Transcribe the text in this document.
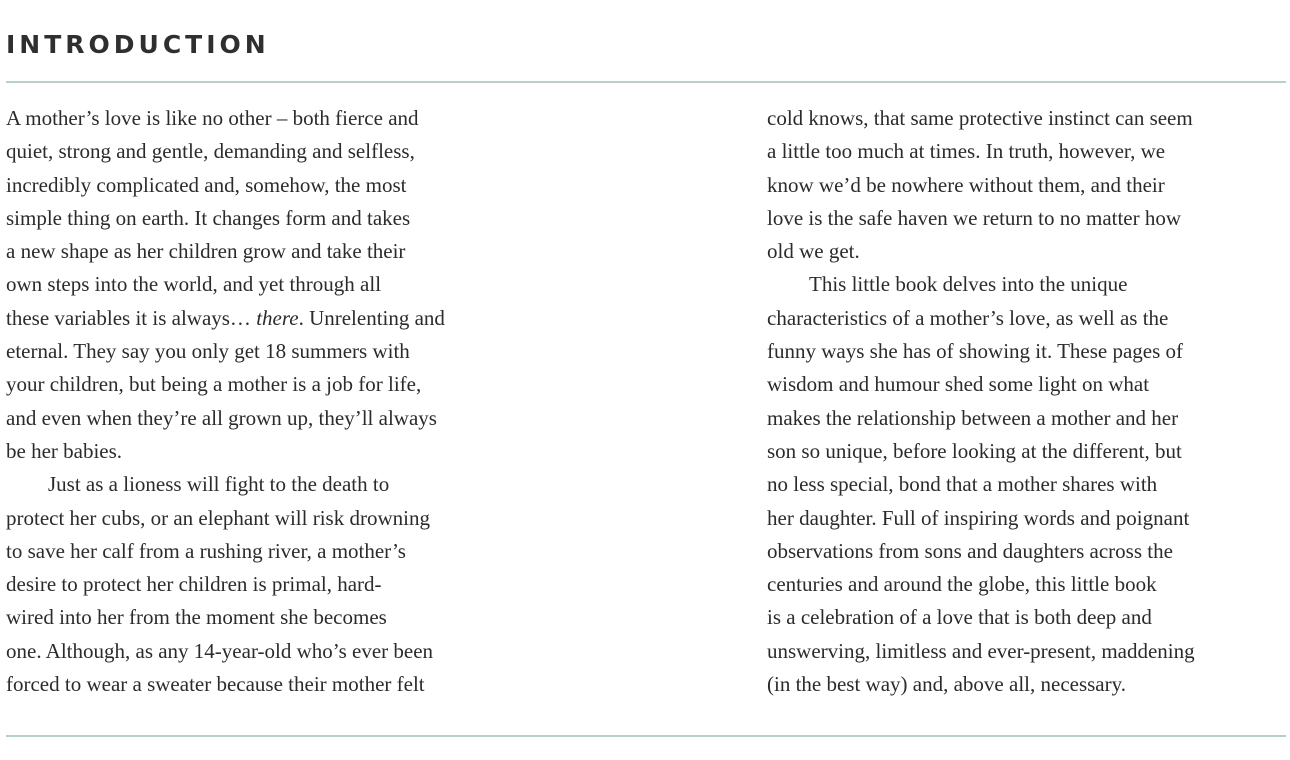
INTRODUCTION
A mother’s love is like no other – both fierce and
quiet, strong and gentle, demanding and selfless,
incredibly complicated and, somehow, the most
simple thing on earth. It changes form and takes
a new shape as her children grow and take their
own steps into the world, and yet through all
these variables it is always… there. Unrelenting and
eternal. They say you only get 18 summers with
your children, but being a mother is a job for life,
and even when they’re all grown up, they’ll always
be her babies.
Just as a lioness will fight to the death to
protect her cubs, or an elephant will risk drowning
to save her calf from a rushing river, a mother’s
desire to protect her children is primal, hard-
wired into her from the moment she becomes
one. Although, as any 14-year-old who’s ever been
forced to wear a sweater because their mother felt
cold knows, that same protective instinct can seem
a little too much at times. In truth, however, we
know we’d be nowhere without them, and their
love is the safe haven we return to no matter how
old we get.
This little book delves into the unique
characteristics of a mother’s love, as well as the
funny ways she has of showing it. These pages of
wisdom and humour shed some light on what
makes the relationship between a mother and her
son so unique, before looking at the different, but
no less special, bond that a mother shares with
her daughter. Full of inspiring words and poignant
observations from sons and daughters across the
centuries and around the globe, this little book
is a celebration of a love that is both deep and
unswerving, limitless and ever-present, maddening
(in the best way) and, above all, necessary.
